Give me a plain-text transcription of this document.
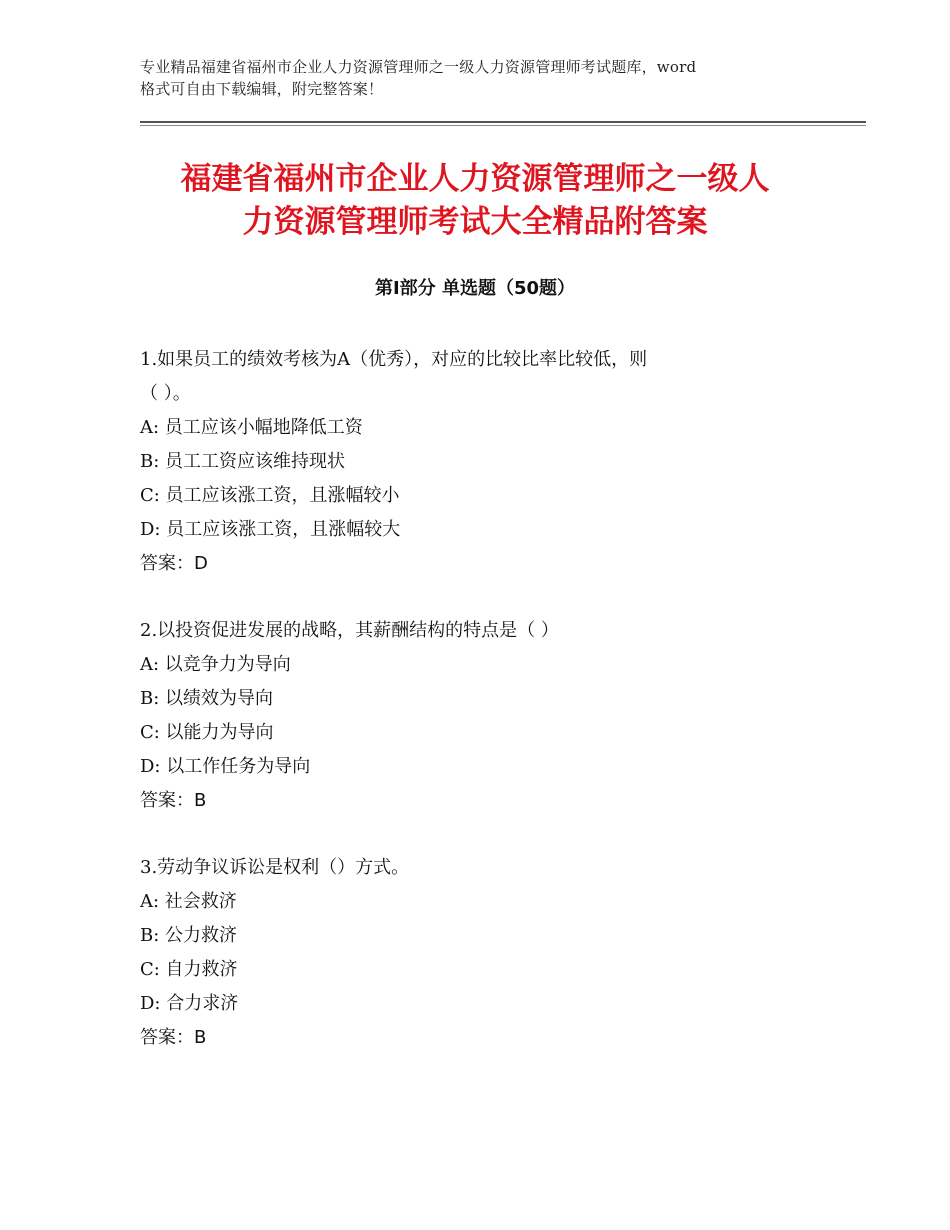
专业精品福建省福州市企业人力资源管理师之一级人力资源管理师考试题库，word
格式可自由下载编辑，附完整答案！
福建省福州市企业人力资源管理师之一级人
力资源管理师考试大全精品附答案
第Ⅰ部分 单选题（50题）
1.如果员工的绩效考核为A（优秀），对应的比较比率比较低，则
（ ）。
A: 员工应该小幅地降低工资
B: 员工工资应该维持现状
C: 员工应该涨工资，且涨幅较小
D: 员工应该涨工资，且涨幅较大
答案：D
2.以投资促进发展的战略，其薪酬结构的特点是（ ）
A: 以竞争力为导向
B: 以绩效为导向
C: 以能力为导向
D: 以工作任务为导向
答案：B
3.劳动争议诉讼是权利（）方式。
A: 社会救济
B: 公力救济
C: 自力救济
D: 合力求济
答案：B
